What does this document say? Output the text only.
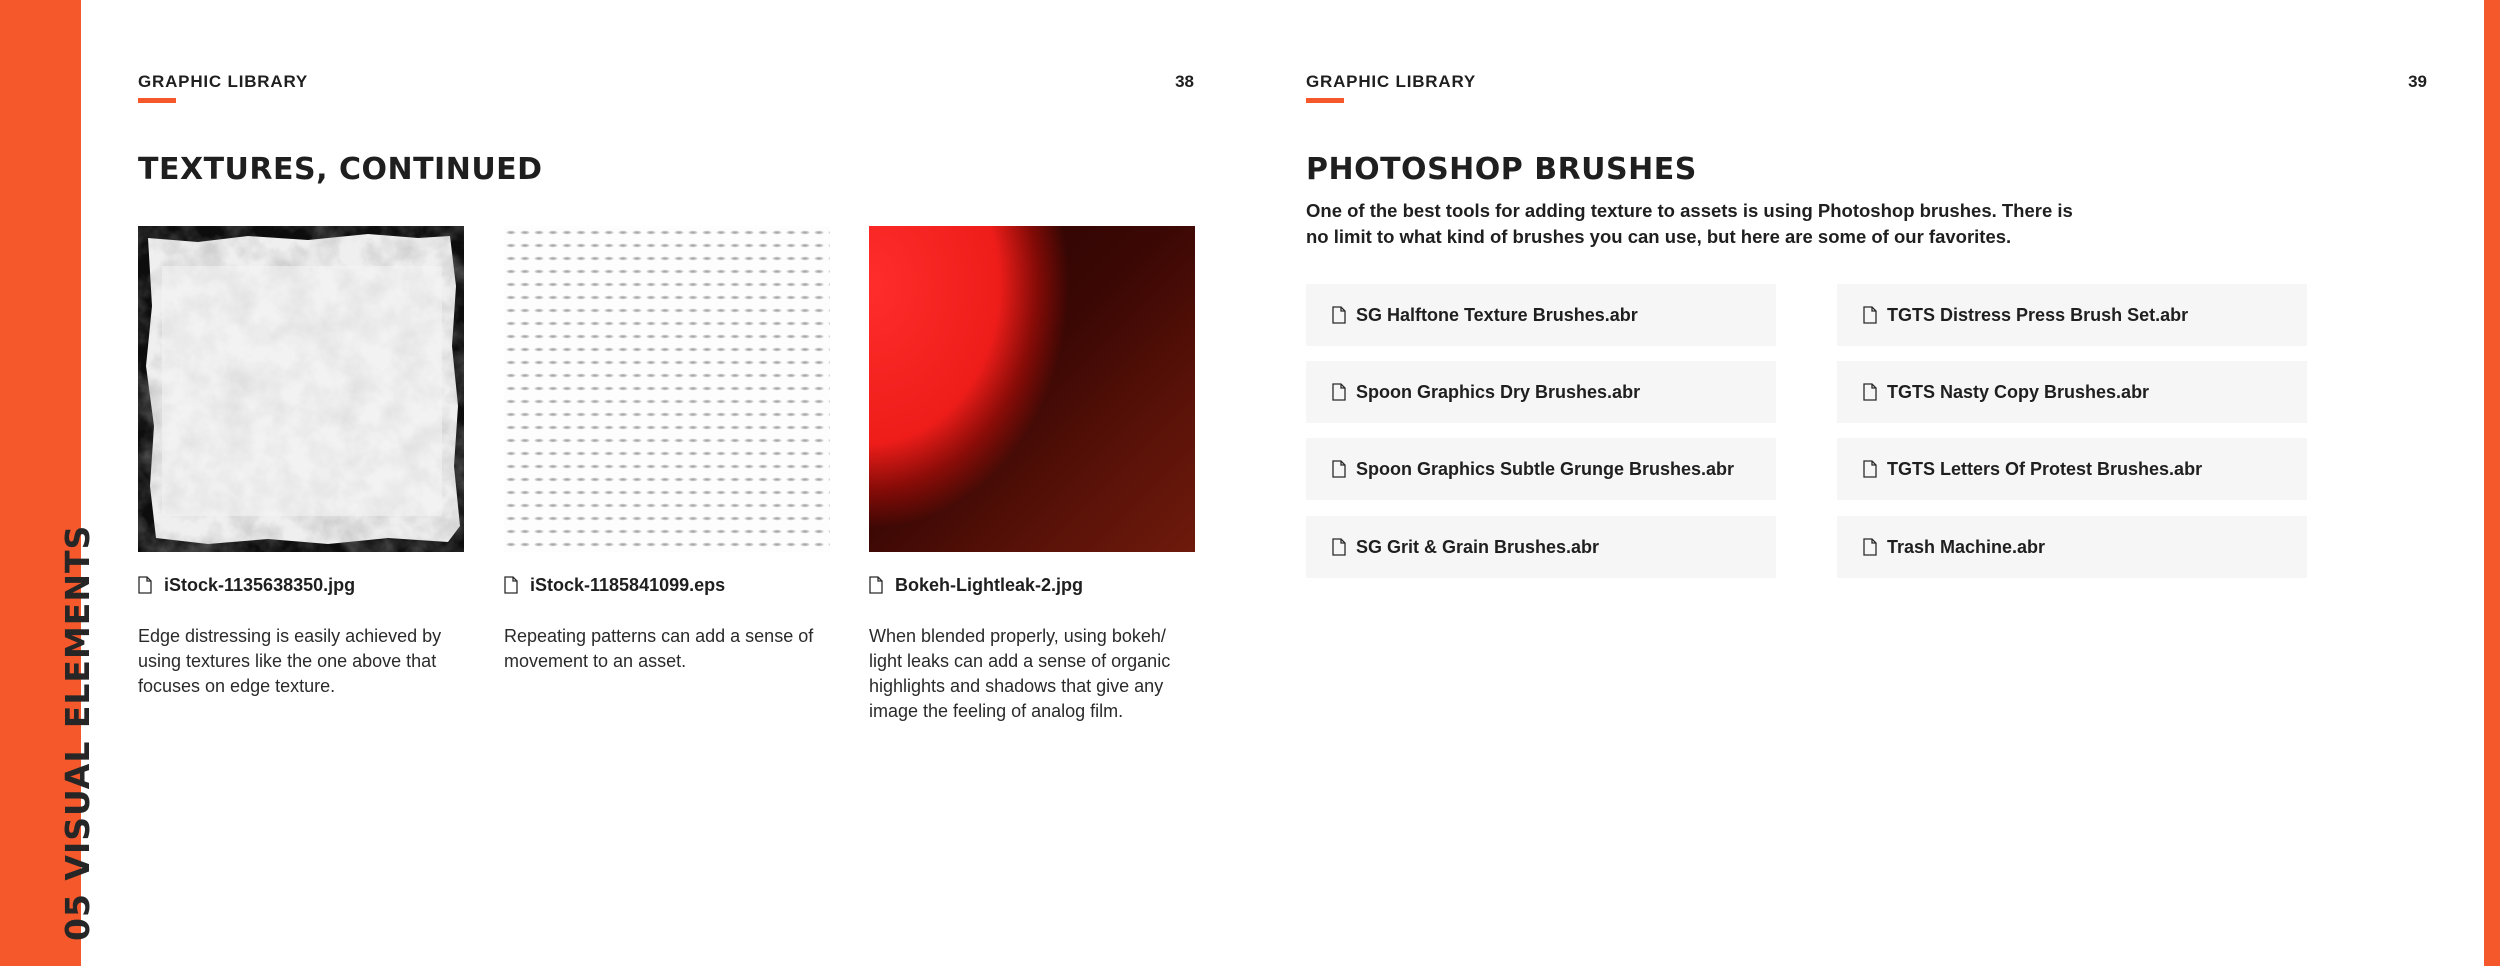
05 VISUAL ELEMENTS
GRAPHIC LIBRARY	38
TEXTURES, CONTINUED
iStock-1135638350.jpg

Edge distressing is easily achieved by using textures like the one above that focuses on edge texture.

iStock-1185841099.eps

Repeating patterns can add a sense of movement to an asset.

Bokeh-Lightleak-2.jpg

When blended properly, using bokeh/ light leaks can add a sense of organic highlights and shadows that give any image the feeling of analog film.

GRAPHIC LIBRARY	39
PHOTOSHOP BRUSHES

One of the best tools for adding texture to assets is using Photoshop brushes. There is no limit to what kind of brushes you can use, but here are some of our favorites.

SG Halftone Texture Brushes.abr	TGTS Distress Press Brush Set.abr
Spoon Graphics Dry Brushes.abr	TGTS Nasty Copy Brushes.abr
Spoon Graphics Subtle Grunge Brushes.abr	TGTS Letters Of Protest Brushes.abr
SG Grit & Grain Brushes.abr	Trash Machine.abr
